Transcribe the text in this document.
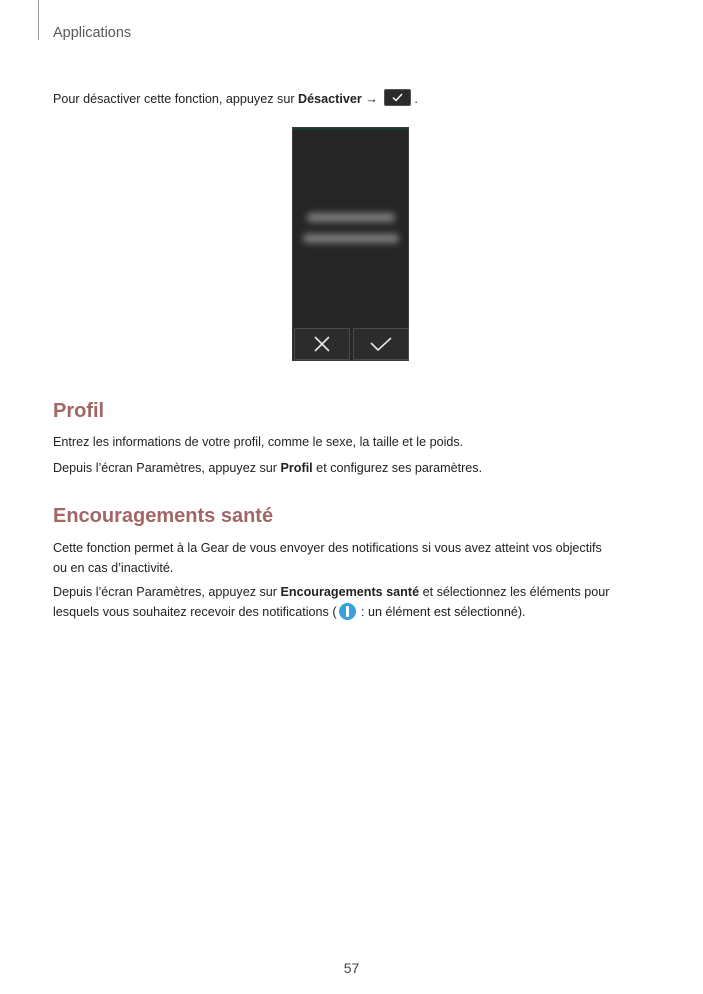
Applications

Pour désactiver cette fonction, appuyez sur Désactiver →	.

Profil

Entrez les informations de votre profil, comme le sexe, la taille et le poids.

Depuis l’écran Paramètres, appuyez sur Profil et configurez ses paramètres.

Encouragements santé

Cette fonction permet à la Gear de vous envoyer des notifications si vous avez atteint vos objectifs

ou en cas d’inactivité.

Depuis l’écran Paramètres, appuyez sur Encouragements santé et sélectionnez les éléments pour

lesquels vous souhaitez recevoir des notifications ( : un élément est sélectionné).

57
